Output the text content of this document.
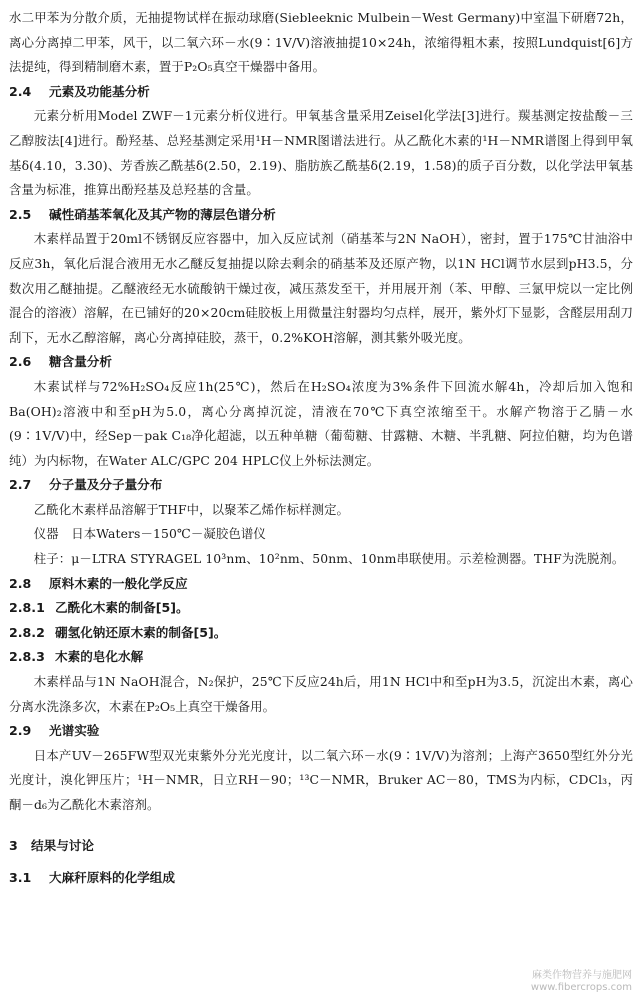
水二甲苯为分散介质，无抽提物试样在振动球磨(Siebleeknic Mulbein－West Germany)中室温下研磨72h，离心分离掉二甲苯，风干，以二氧六环－水(9∶1V/V)溶液抽提10×24h，浓缩得粗木素，按照Lundquist[6]方法提纯，得到精制磨木素，置于P₂O₅真空干燥器中备用。

2.4 元素及功能基分析

元素分析用Model ZWF－1元素分析仪进行。甲氧基含量采用Zeisel化学法[3]进行。羰基测定按盐酸－三乙醇胺法[4]进行。酚羟基、总羟基测定采用¹H－NMR图谱法进行。从乙酰化木素的¹H－NMR谱图上得到甲氧基δ(4.10，3.30)、芳香族乙酰基δ(2.50，2.19)、脂肪族乙酰基δ(2.19，1.58)的质子百分数，以化学法甲氧基含量为标准，推算出酚羟基及总羟基的含量。

2.5 碱性硝基苯氧化及其产物的薄层色谱分析

木素样品置于20ml不锈钢反应容器中，加入反应试剂（硝基苯与2N NaOH），密封，置于175℃甘油浴中反应3h，氧化后混合液用无水乙醚反复抽提以除去剩余的硝基苯及还原产物，以1N HCl调节水层到pH3.5，分数次用乙醚抽提。乙醚液经无水硫酸钠干燥过夜，减压蒸发至干，并用展开剂（苯、甲醇、三氯甲烷以一定比例混合的溶液）溶解，在已铺好的20×20cm硅胶板上用微量注射器均匀点样，展开，紫外灯下显影，含醛层用刮刀刮下，无水乙醇溶解，离心分离掉硅胶，蒸干，0.2%KOH溶解，测其紫外吸光度。

2.6 糖含量分析

木素试样与72%H₂SO₄反应1h(25℃)，然后在H₂SO₄浓度为3%条件下回流水解4h，冷却后加入饱和Ba(OH)₂溶液中和至pH为5.0，离心分离掉沉淀，清液在70℃下真空浓缩至干。水解产物溶于乙腈－水(9∶1V/V)中，经Sep－pak C₁₈净化超滤，以五种单糖（葡萄糖、甘露糖、木糖、半乳糖、阿拉伯糖，均为色谱纯）为内标物，在Water ALC/GPC 204 HPLC仪上外标法测定。

2.7 分子量及分子量分布

乙酰化木素样品溶解于THF中，以聚苯乙烯作标样测定。

仪器　日本Waters－150℃－凝胶色谱仪

柱子：μ－LTRA STYRAGEL 10³nm、10²nm、50nm、10nm串联使用。示差检测器。THF为洗脱剂。

2.8 原料木素的一般化学反应
2.8.1 乙酰化木素的制备[5]。
2.8.2 硼氢化钠还原木素的制备[5]。
2.8.3 木素的皂化水解

木素样品与1N NaOH混合，N₂保护，25℃下反应24h后，用1N HCl中和至pH为3.5，沉淀出木素，离心分离水洗涤多次，木素在P₂O₅上真空干燥备用。

2.9 光谱实验

日本产UV－265FW型双光束紫外分光光度计，以二氧六环－水(9∶1V/V)为溶剂；上海产3650型红外分光光度计，溴化钾压片；¹H－NMR，日立RH－90；¹³C－NMR，Bruker AC－80，TMS为内标，CDCl₃，丙酮－d₆为乙酰化木素溶剂。

3 结果与讨论
3.1 大麻秆原料的化学组成
麻类作物营养与施肥网
www.fibercrops.com
